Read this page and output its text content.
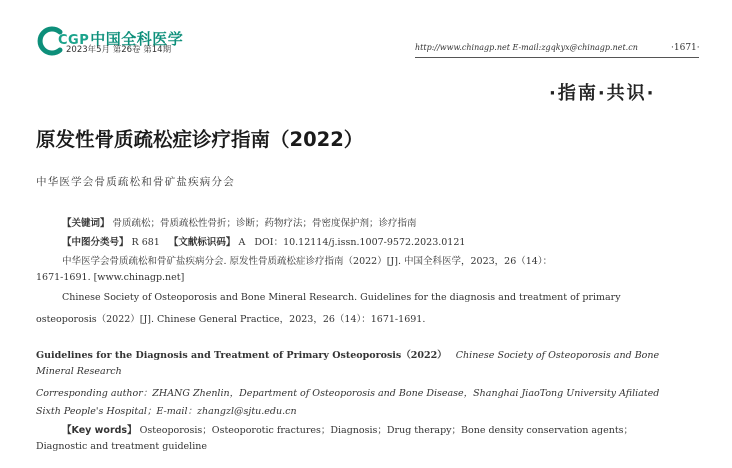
CGP中国全科医学
2023年5月 第26卷 第14期	http://www.chinagp.net E-mail:zgqkyx@chinagp.net.cn	·1671·
·指南·共识·
原发性骨质疏松症诊疗指南（2022）
中华医学会骨质疏松和骨矿盐疾病分会
【关键词】 骨质疏松；骨质疏松性骨折；诊断；药物疗法；骨密度保护剂；诊疗指南
【中图分类号】 R 681 【文献标识码】 A DOI：10.12114/j.issn.1007-9572.2023.0121
中华医学会骨质疏松和骨矿盐疾病分会. 原发性骨质疏松症诊疗指南（2022）[J]. 中国全科医学，2023，26（14）：
1671-1691. [www.chinagp.net]
Chinese Society of Osteoporosis and Bone Mineral Research. Guidelines for the diagnosis and treatment of primary
osteoporosis（2022）[J]. Chinese General Practice，2023，26（14）：1671-1691.
Guidelines for the Diagnosis and Treatment of Primary Osteoporosis（2022） Chinese Society of Osteoporosis and Bone
Mineral Research
Corresponding author：ZHANG Zhenlin，Department of Osteoporosis and Bone Disease，Shanghai JiaoTong University Afiliated
Sixth People's Hospital；E-mail：zhangzl@sjtu.edu.cn
【Key words】 Osteoporosis；Osteoporotic fractures；Diagnosis；Drug therapy；Bone density conservation agents；
Diagnostic and treatment guideline
